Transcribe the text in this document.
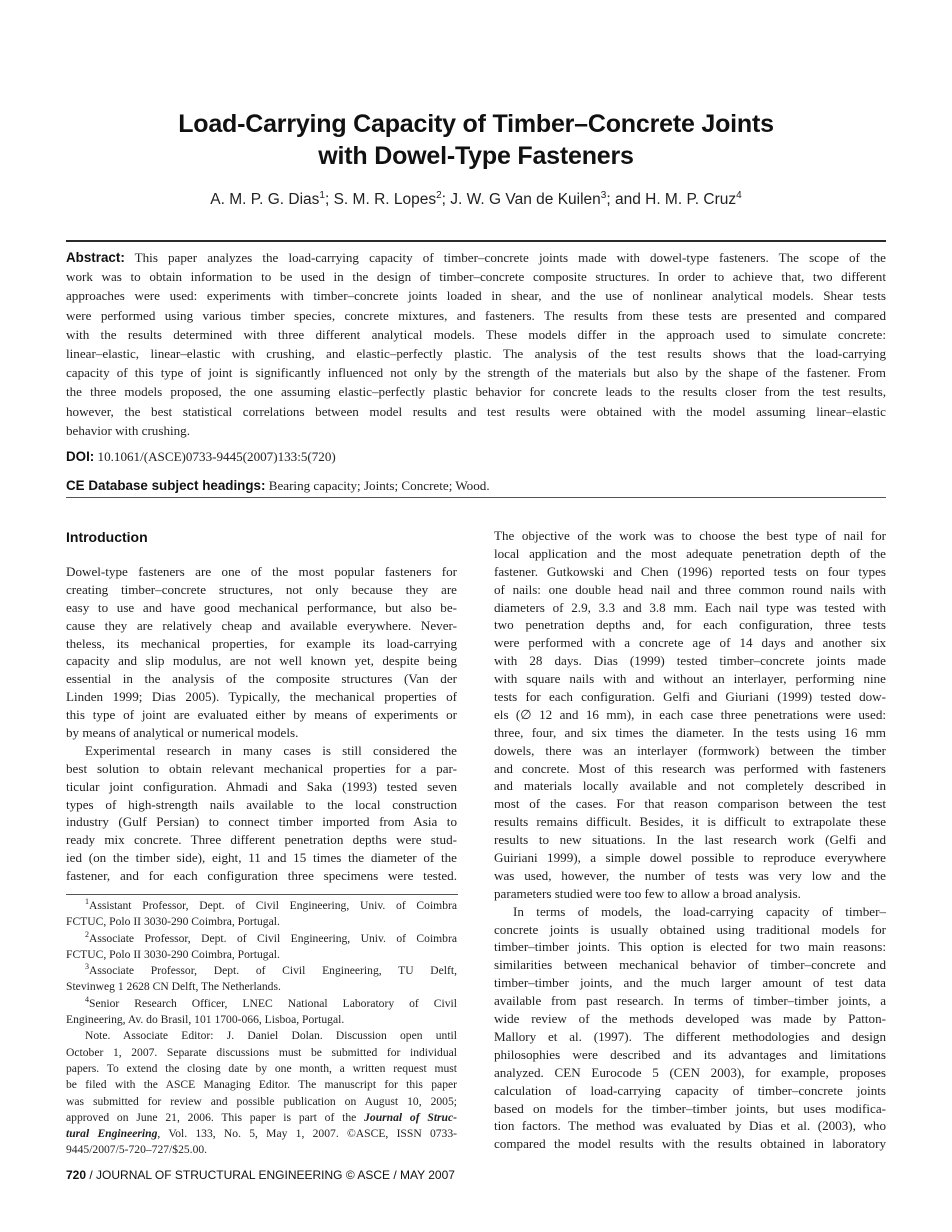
Load-Carrying Capacity of Timber–Concrete Joints
with Dowel-Type Fasteners
A. M. P. G. Dias$^1$; S. M. R. Lopes$^2$; J. W. G Van de Kuilen$^3$; and H. M. P. Cruz$^4$
Abstract: This paper analyzes the load-carrying capacity of timber–concrete joints made with dowel-type fasteners. The scope of the
work was to obtain information to be used in the design of timber–concrete composite structures. In order to achieve that, two different
approaches were used: experiments with timber–concrete joints loaded in shear, and the use of nonlinear analytical models. Shear tests
were performed using various timber species, concrete mixtures, and fasteners. The results from these tests are presented and compared
with the results determined with three different analytical models. These models differ in the approach used to simulate concrete:
linear–elastic, linear–elastic with crushing, and elastic–perfectly plastic. The analysis of the test results shows that the load-carrying
capacity of this type of joint is significantly influenced not only by the strength of the materials but also by the shape of the fastener. From
the three models proposed, the one assuming elastic–perfectly plastic behavior for concrete leads to the results closer from the test results,
however, the best statistical correlations between model results and test results were obtained with the model assuming linear–elastic
behavior with crushing.
DOI: 10.1061/(ASCE)0733-9445(2007)133:5(720)
CE Database subject headings: Bearing capacity; Joints; Concrete; Wood.
Introduction
Dowel-type fasteners are one of the most popular fasteners for
creating timber–concrete structures, not only because they are
easy to use and have good mechanical performance, but also be-
cause they are relatively cheap and available everywhere. Never-
theless, its mechanical properties, for example its load-carrying
capacity and slip modulus, are not well known yet, despite being
essential in the analysis of the composite structures (Van der
Linden 1999; Dias 2005). Typically, the mechanical properties of
this type of joint are evaluated either by means of experiments or
by means of analytical or numerical models.
Experimental research in many cases is still considered the
best solution to obtain relevant mechanical properties for a par-
ticular joint configuration. Ahmadi and Saka (1993) tested seven
types of high-strength nails available to the local construction
industry (Gulf Persian) to connect timber imported from Asia to
ready mix concrete. Three different penetration depths were stud-
ied (on the timber side), eight, 11 and 15 times the diameter of the
fastener, and for each configuration three specimens were tested.
The objective of the work was to choose the best type of nail for
local application and the most adequate penetration depth of the
fastener. Gutkowski and Chen (1996) reported tests on four types
of nails: one double head nail and three common round nails with
diameters of 2.9, 3.3 and 3.8 mm. Each nail type was tested with
two penetration depths and, for each configuration, three tests
were performed with a concrete age of 14 days and another six
with 28 days. Dias (1999) tested timber–concrete joints made
with square nails with and without an interlayer, performing nine
tests for each configuration. Gelfi and Giuriani (1999) tested dow-
els (∅ 12 and 16 mm), in each case three penetrations were used:
three, four, and six times the diameter. In the tests using 16 mm
dowels, there was an interlayer (formwork) between the timber
and concrete. Most of this research was performed with fasteners
and materials locally available and not completely described in
most of the cases. For that reason comparison between the test
results remains difficult. Besides, it is difficult to extrapolate these
results to new situations. In the last research work (Gelfi and
Guiriani 1999), a simple dowel possible to reproduce everywhere
was used, however, the number of tests was very low and the
parameters studied were too few to allow a broad analysis.
In terms of models, the load-carrying capacity of timber–
concrete joints is usually obtained using traditional models for
timber–timber joints. This option is elected for two main reasons:
similarities between mechanical behavior of timber–concrete and
timber–timber joints, and the much larger amount of test data
available from past research. In terms of timber–timber joints, a
wide review of the methods developed was made by Patton-
Mallory et al. (1997). The different methodologies and design
philosophies were described and its advantages and limitations
analyzed. CEN Eurocode 5 (CEN 2003), for example, proposes
calculation of load-carrying capacity of timber–concrete joints
based on models for the timber–timber joints, but uses modifica-
tion factors. The method was evaluated by Dias et al. (2003), who
compared the model results with the results obtained in laboratory
$^1$Assistant Professor, Dept. of Civil Engineering, Univ. of Coimbra
FCTUC, Polo II 3030-290 Coimbra, Portugal.
$^2$Associate Professor, Dept. of Civil Engineering, Univ. of Coimbra
FCTUC, Polo II 3030-290 Coimbra, Portugal.
$^3$Associate Professor, Dept. of Civil Engineering, TU Delft,
Stevinweg 1 2628 CN Delft, The Netherlands.
$^4$Senior Research Officer, LNEC National Laboratory of Civil
Engineering, Av. do Brasil, 101 1700-066, Lisboa, Portugal.
Note. Associate Editor: J. Daniel Dolan. Discussion open until
October 1, 2007. Separate discussions must be submitted for individual
papers. To extend the closing date by one month, a written request must
be filed with the ASCE Managing Editor. The manuscript for this paper
was submitted for review and possible publication on August 10, 2005;
approved on June 21, 2006. This paper is part of the Journal of Struc-
tural Engineering, Vol. 133, No. 5, May 1, 2007. ©ASCE, ISSN 0733-
9445/2007/5-720–727/$25.00.
720 / JOURNAL OF STRUCTURAL ENGINEERING © ASCE / MAY 2007
